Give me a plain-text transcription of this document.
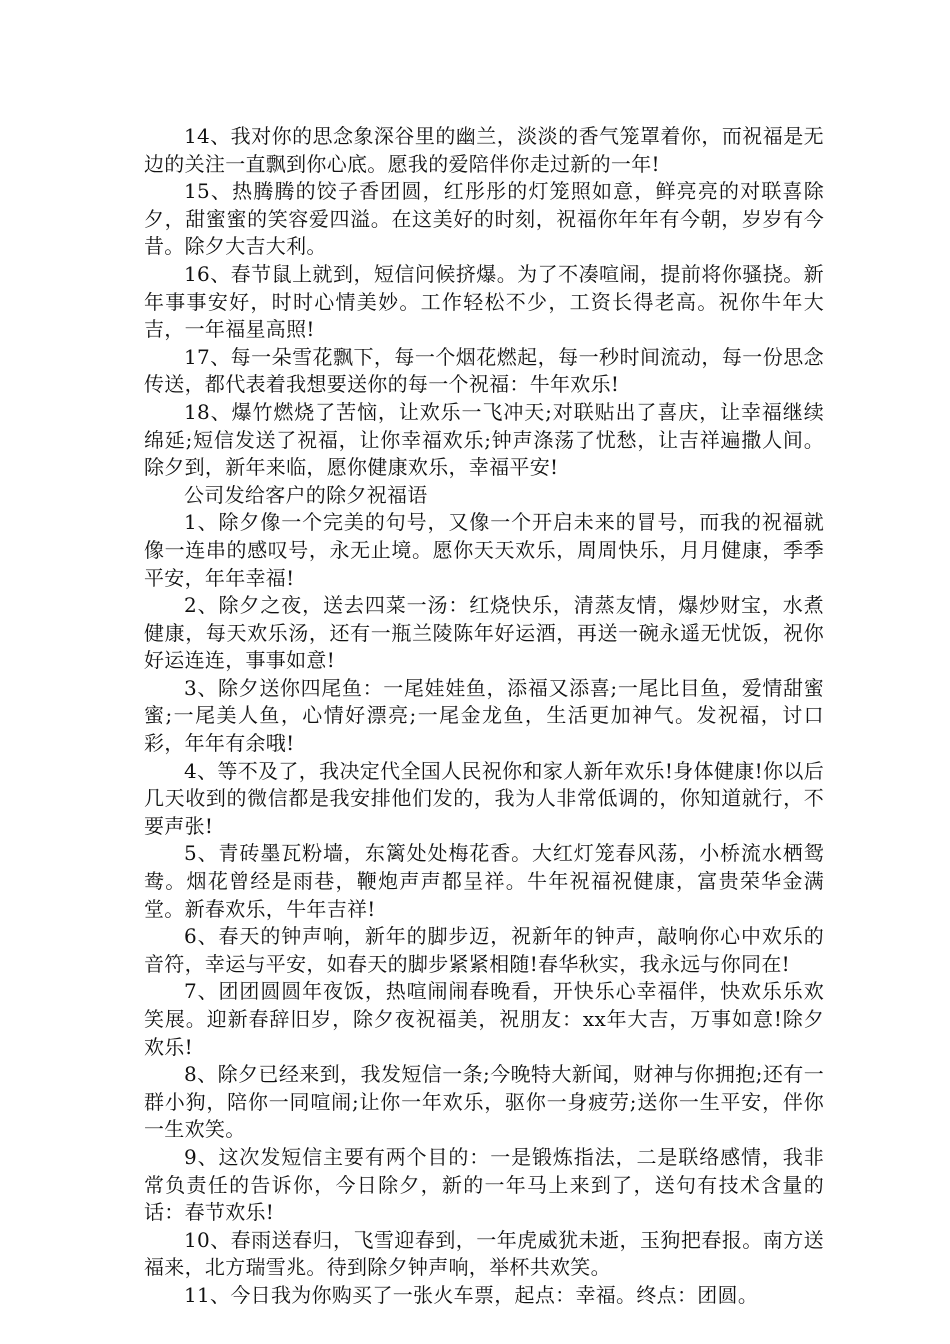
14、我对你的思念象深谷里的幽兰，淡淡的香气笼罩着你，而祝福是无边的关注一直飘到你心底。愿我的爱陪伴你走过新的一年!

15、热腾腾的饺子香团圆，红彤彤的灯笼照如意，鲜亮亮的对联喜除夕，甜蜜蜜的笑容爱四溢。在这美好的时刻，祝福你年年有今朝，岁岁有今昔。除夕大吉大利。

16、春节鼠上就到，短信问候挤爆。为了不凑喧闹，提前将你骚挠。新年事事安好，时时心情美妙。工作轻松不少，工资长得老高。祝你牛年大吉，一年福星高照!

17、每一朵雪花飘下，每一个烟花燃起，每一秒时间流动，每一份思念传送，都代表着我想要送你的每一个祝福：牛年欢乐!

18、爆竹燃烧了苦恼，让欢乐一飞冲天;对联贴出了喜庆，让幸福继续绵延;短信发送了祝福，让你幸福欢乐;钟声涤荡了忧愁，让吉祥遍撒人间。除夕到，新年来临，愿你健康欢乐，幸福平安!

公司发给客户的除夕祝福语

1、除夕像一个完美的句号，又像一个开启未来的冒号，而我的祝福就像一连串的感叹号，永无止境。愿你天天欢乐，周周快乐，月月健康，季季平安，年年幸福!

2、除夕之夜，送去四菜一汤：红烧快乐，清蒸友情，爆炒财宝，水煮健康，每天欢乐汤，还有一瓶兰陵陈年好运酒，再送一碗永遥无忧饭，祝你好运连连，事事如意!

3、除夕送你四尾鱼：一尾娃娃鱼，添福又添喜;一尾比目鱼，爱情甜蜜蜜;一尾美人鱼，心情好漂亮;一尾金龙鱼，生活更加神气。发祝福，讨口彩，年年有余哦!

4、等不及了，我决定代全国人民祝你和家人新年欢乐!身体健康!你以后几天收到的微信都是我安排他们发的，我为人非常低调的，你知道就行，不要声张!

5、青砖墨瓦粉墙，东篱处处梅花香。大红灯笼春风荡，小桥流水栖鸳鸯。烟花曾经是雨巷，鞭炮声声都呈祥。牛年祝福祝健康，富贵荣华金满堂。新春欢乐，牛年吉祥!

6、春天的钟声响，新年的脚步迈，祝新年的钟声，敲响你心中欢乐的音符，幸运与平安，如春天的脚步紧紧相随!春华秋实，我永远与你同在!

7、团团圆圆年夜饭，热喧闹闹春晚看，开快乐心幸福伴，快欢乐乐欢笑展。迎新春辞旧岁，除夕夜祝福美，祝朋友：xx年大吉，万事如意!除夕欢乐!

8、除夕已经来到，我发短信一条;今晚特大新闻，财神与你拥抱;还有一群小狗，陪你一同喧闹;让你一年欢乐，驱你一身疲劳;送你一生平安，伴你一生欢笑。

9、这次发短信主要有两个目的：一是锻炼指法，二是联络感情，我非常负责任的告诉你，今日除夕，新的一年马上来到了，送句有技术含量的话：春节欢乐!

10、春雨送春归，飞雪迎春到，一年虎威犹未逝，玉狗把春报。南方送福来，北方瑞雪兆。待到除夕钟声响，举杯共欢笑。

11、今日我为你购买了一张火车票，起点：幸福。终点：团圆。
